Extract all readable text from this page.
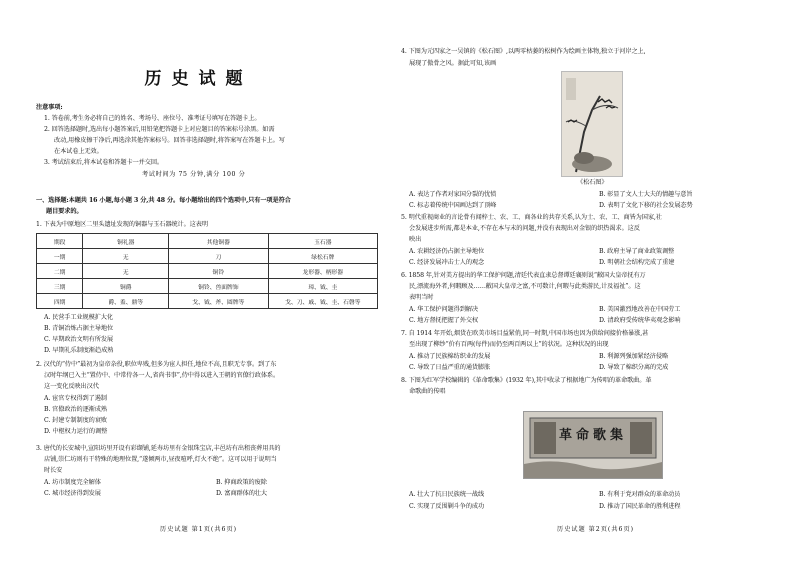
历史试题
注意事项:
1. 答卷前,考生务必将自己的姓名、考场号、座位号、准考证号填写在答题卡上。
2. 回答选择题时,选出每小题答案后,用铅笔把答题卡上对应题目的答案标号涂黑。如需
改动,用橡皮擦干净后,再选涂其他答案标号。回答非选择题时,将答案写在答题卡上。写
在本试卷上无效。
3. 考试结束后,将本试卷和答题卡一并交回。
考试时间为 75 分钟,满分 100 分
一、选择题:本题共 16 小题,每小题 3 分,共 48 分。每小题给出的四个选项中,只有一项是符合
题目要求的。
1. 下表为中原地区二里头遗址发现的铜器与玉石器统计。这表明
期段	铜礼器	其他铜器	玉石器
一期	无	刀	绿松石牌
二期	无	铜铃	龙形器、柄形器
三期	铜爵	铜铃、兽面牌饰	璋、钺、圭
四期	爵、盉、鼎等	戈、钺、斧、圆牌等	戈、刀、戚、钺、圭、石磬等
A. 民营手工业规模扩大化
B. 青铜冶炼占据主导地位
C. 早期政治文明有所发展
D. 早期礼乐制度渐趋成熟
2. 汉代的“侍中”最初为皇帝杂役,职位卑贱,但多为宦人担任,地位不高,且职无专事。到了东
汉时年纲已入主“置侍中、中常侍各一人,省尚书事”,侍中得以进入王朝的官僚行政体系。
这一变化反映出汉代
A. 宦官专权得到了遏制
B. 官僚政治的逐渐成熟
C. 封建专制制度的衰败
D. 中枢权力运行的调整
3. 唐代的长安城中,宣阳坊里开设有彩缬铺,延寿坊里有金银珠宝店,丰邑坊有出租丧葬用具的
店铺,崇仁坊则有干特殊的地理位置,“遂倾两市,昼夜喧呼,灯火不绝”。这可以用于说明当
时长安
A. 坊市制度完全解体	B. 抑商政策的废除
C. 城市经济得到发展	D. 富商群体的壮大
历史试题 第1页(共6页)
4. 下图为元四家之一吴镇的《松石图》,以两零枯萎的松树作为绘画主体物,独立于河岸之上,
展现了傲骨之风。据此可知,该画
《松石图》
A. 表达了作者对家国分裂的忧愤	B. 彰显了文人士大夫的情趣与意旨
C. 标志着传统中国画达到了顶峰	D. 表明了文化下移的社会发展态势
5. 明代重视商业的言论骨有闻梓士、农、工、商各业的共存关系,认为士、农、工、商皆为国家,社
会发展进步所需,都是本业,不存在本与末的问题,并没有表现出对金银的织热渴求。这反
映出
A. 农耕经济仍占据主导地位	B. 政府主导了商业政策调整
C. 经济发展冲击士人的观念	D. 明朝社会结构完成了重建
6. 1858 年,针对美方提出的华工保护问题,清廷代表直隶总督谭廷襄则说“敝国大皇帝抚有万
民,漂流海外者,何暇顾及……敝国大皇帝之富,不可数计,何暇与此类游民,计及福祉”。这
表明当时
A. 华工保护问题得到解决	B. 美国激烈地改善在中国劳工
C. 地方督抚把握了外交权	D. 清政府受传统华夷观念影响
7. 自 1914 年开始,烟货在欧美市场目益紧俏,同一时期,中国市场也因为供给间接价格暴涨,甚
至出现了柳纱“价有百两(每件)而仍至两百两以上”的状况。这种状况的出现
A. 推动了民族棉纺织业的发展	B. 利源列强加紧经济侵略
C. 导致了日益严重的通货膨胀	D. 导致了棉织分离的完成
8. 下图为红军学校编辑的《革命歌集》(1932 年),其中收录了根据地广为传唱的革命歌曲。革
命歌曲的传唱
革命歌集
A. 壮大了抗日民族统一战线	B. 有利于党对群众的革命动员
C. 实现了反围剿斗争的成功	D. 推动了国民革命的胜利进程
历史试题 第2页(共6页)
